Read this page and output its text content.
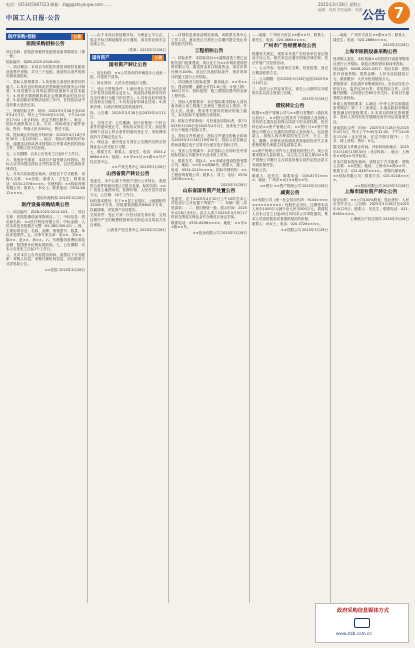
电话：(0534)5087523 邮箱：zlgg@zhiyouyw.com ……
中国工人日报·公告
2025年3月28日 星期五
编辑：郭燕 责任编辑：郭燕 公告 7
医疗采购·招标	公告
医院采购招标公告
项目名称：医院医用耗材及配套设备采购项目（第一批）
招标编号：ZJZB-2025-0328-001
一、项目概况：本项目为医院年度医用耗材及配套设备集中采购，共分三个包组，欢迎符合条件的供应商参加投标。
二、投标人资格要求：1.具有独立承担民事责任的能力；2.具有良好的商业信誉和健全的财务会计制度；3.具有履行合同所必需的设备和专业技术能力；4.有依法缴纳税收和社会保障资金的良好记录；5.参加政府采购活动前三年内，在经营活动中没有重大违法记录。
三、获取招标文件：时间：2025年3月28日至2025年4月3日，每天上午9:00至11:30，下午14:00至17:00（北京时间，法定节假日除外）。地点：招标代理机构办公室。方式：现场或电子邮件获取。售价：每套人民币500元，售后不退。
四、投标截止时间及开标时间：2025年4月18日9时30分（北京时间）。地点：招标代理机构开标室。逾期送达的或者未按招标文件要求密封的投标文件，采购人将予以拒收。
五、公告期限：自本公告发布之日起5个工作日。
六、其他补充事宜：本项目不接受联合体投标。投标人应对所提交投标文件的真实性、合法性承担法律责任。
七、对本次招标提出询问，请按以下方式联系：采购人名称：××医院；联系人：王先生；联系电话：0534-2376××××。代理机构：××招标咨询有限公司；联系人：李女士；联系电话：0534-8812××××。
招标代理机构 2025年3月28日
医疗设备采购结果公告
一、项目编号：ZJZB-2025-0214-003。二、项目名称：医院影像设备采购项目。三、中标信息：供应商名称：××医疗科技有限公司；中标金额：人民币贰佰叁拾捌万元整（¥2,380,000.00）。四、主要标的信息：名称、品牌、规格型号、数量、单价详见附件。五、评审专家名单：张××、刘××、陈××、赵××、孙××。六、代理服务收费标准及金额：按国家计价格标准收取。七、公告期限：自本公告发布之日起1个工作日。
八、凡对本次公告内容提出询问，请按以下方式联系：采购人信息、采购代理机构信息、项目联系方式详见原公告。
××医院 2025年3月28日
……由于本项目需延期开标，为保证公平公正，原定开标日期延期至另行通知，请各供应商关注后续公告。
（签章）2025年3月28日
国有资产	公告
国有资产转让公告
一、转让标的：××公司持有的车辆及办公设备一批，详见资产清单。
二、转让底价：人民币叁拾陆万元整。
三、受让方资格条件：1.意向受让方应为依法设立并有效存续的企业法人、其他经济组织或具有完全民事行为能力的自然人；2.具有良好的财务状况和支付能力；3.具有良好的商业信用；4.国家法律、行政法规规定的其他条件。
四、公告期：2025年3月28日至2025年4月11日。
五、交易方式：公告期满，如只征集到一个符合条件的意向受让方，采取协议转让方式；如征集到两个及以上符合条件的意向受让方，采取网络竞价方式确定受让方。
六、保证金：意向受让方须在公告期内交纳交易保证金人民币伍万元整。
七、联系方式：联系人：周先生；电话：0534-2668××××；地址：××市××区××路××号产权交易中心。
××产权交易中心 2025年3月28日
山西省资产转让公告
受委托，本中心就下列资产进行公开转让，欢迎符合条件的意向受让方报名参加。标的名称：××厂房及土地使用权；挂牌价格：人民币壹仟贰佰万元；公告期：20个工作日。
标的基本情况：位于××县工业园区，土地面积约12000平方米，房屋建筑面积约6800平方米，权属清晰，详见资产评估报告。
交易条件：受让方须一次性付清交易价款；交易过程中产生的税费按国家有关规定由交易双方各自承担。
山西省产权交易中心 2025年3月28日
……详细信息请登录网站查询，或联系交易中心工作人员。意向受让方需在公告期内提交受让申请及相关材料。
工程招标公告
一、招标条件：本招标项目××道路改造工程已由相关部门批准建设，项目业主为××市城市建设投资有限公司，建设资金来自财政资金，项目出资比例为100%。项目已具备招标条件，现对该项目的施工进行公开招标。
二、项目概况与招标范围：建设地点：××市××区；建设规模：道路全长约2.6公里；计划工期：180日历天；招标范围：施工图纸范围内的全部工程内容。
三、投标人资格要求：本次招标要求投标人须具备市政公用工程施工总承包三级及以上资质，并在人员、设备、资金等方面具有相应的施工能力。本次招标不接受联合体投标。
四、招标文件的获取：凡有意参加投标者，请于2025年3月28日至2025年4月2日，登录电子交易平台下载电子招标文件。
五、投标文件的递交：投标文件递交的截止时间为2025年4月18日10时00分，投标人应在截止时间前通过电子交易平台递交电子投标文件。
六、发布公告的媒介：本次招标公告同时在中国招标投标公共服务平台及本报上发布。
七、联系方式：招标人：××市城市建设投资有限公司；地址：××市××路88号；联系人：陈工；电话：0534-2210××××。招标代理机构：××工程咨询有限公司；联系人：刘工；电话：0534-2678××××。
2025年3月28日
山东省国有资产处置公告
受委托，定于2025年4月10日上午10时在本公司拍卖厅公开处置下列资产：一、车辆一批（详见清单）；二、废旧物资一批。展示时间：2025年4月8日至9日。竞买人须于2025年4月9日17时前交纳竞买保证金并办理竞买登记手续。
联系电话：0531-8296××××；地址：××市××路××号。
××拍卖有限公司 2025年3月28日
……地址：广州市天河区××路××号；联系人：黄先生；电话：020-3865××××。
广州市广告经营单位公告
根据有关规定，现将本年度广告经营单位登记情况予以公告，相关单位应遵守国家法律法规，依法开展广告经营活动。
一、公示内容：经营单位名称、经营范围、登记日期及联系方式。
二、公示期限：自2025年3月28日起至2025年4月10日止。
三、如对公示内容有异议，请在公示期内以书面形式实名向主管部门反映。
2025年3月28日
债权转让公告
根据××资产管理公司与××银行签署的《债权转让协议》，××银行已将其对下列借款人及担保人享有的主债权及担保合同项下的全部权利，依法转让给××资产管理公司。××银行与××资产管理公司联合公告通知各借款人及担保人，以及借款人、担保人因各种原因发生合并、分立、更名、撤销、吊销营业执照或者其他原因丧失主体资格的相关承债主体及清算主体。
××资产管理公司作为上述债权的受让方，现公告要求债务人及担保人，从公告之日起立即向××资产管理公司履行主合同及担保合同约定的还款义务或担保责任。
特此公告。
联系人：赵先生；联系电话：020-8731××××；地址：广州市××区××路××号。
××银行 ××资产管理公司 2025年3月28日
减资公告
××有限公司（统一社会信用代码：9144××××××××××××××）经股东会决议，注册资本由人民币1000万元减少至人民币500万元。请债权人自本公告之日起45日内向本公司申报债权，要求公司清偿债务或者提供相应的担保。
联系人：孙女士；电话：020-3726××××。
××有限公司 2025年3月28日
……地址：广州市天河区××路××号；联系人：钱先生；电话：020-2886××××。
2025年3月28日
上海市医院设备采购公告
受采购人委托，本机构就××医院医疗设备采购项目进行公开招标，欢迎合格的供应商前来投标。
项目编号：SHZB-2025-0327；项目名称：医院医疗设备采购；预算金额：人民币伍佰陆拾万元；最高限价：人民币伍佰陆拾万元。
采购需求：彩色超声诊断系统2台、全自动生化分析仪1台、监护仪20台等，详见招标文件。合同履行期限：合同签订后60日内交付。本项目不接受联合体投标。
申请人的资格要求：1.满足《中华人民共和国政府采购法》第二十二条规定；2.落实政府采购政策需满足的资格要求；3.本项目的特定资格要求：投标人须具有医疗器械经营许可证或备案凭证。
获取招标文件：时间：2025年3月28日至2025年4月3日，每天上午9:00至12:00，下午13:00至17:00（北京时间，法定节假日除外）；方式：网上获取；售价：0元。
提交投标文件截止时间、开标时间和地点：2025年4月18日13时30分（北京时间）；地点：上海市××路××号开标室。
对本次招标提出询问，请按以下方式联系：采购人名称：××医院；地址：上海市××路××号；联系方式：021-6487××××。采购代理机构：××招标有限公司；联系方式：021-5218××××。
××招标有限公司 2025年3月28日
上海市国有资产转让公告
转让标的：××公司100%股权；转让底价：人民币叁仟万元；公告期：2025年3月28日至2025年4月25日；联系人：吴先生；联系电话：021-6265××××。
上海联合产权交易所 2025年3月28日
政府采购信息媒体方式
www.zlzb.com.cn
